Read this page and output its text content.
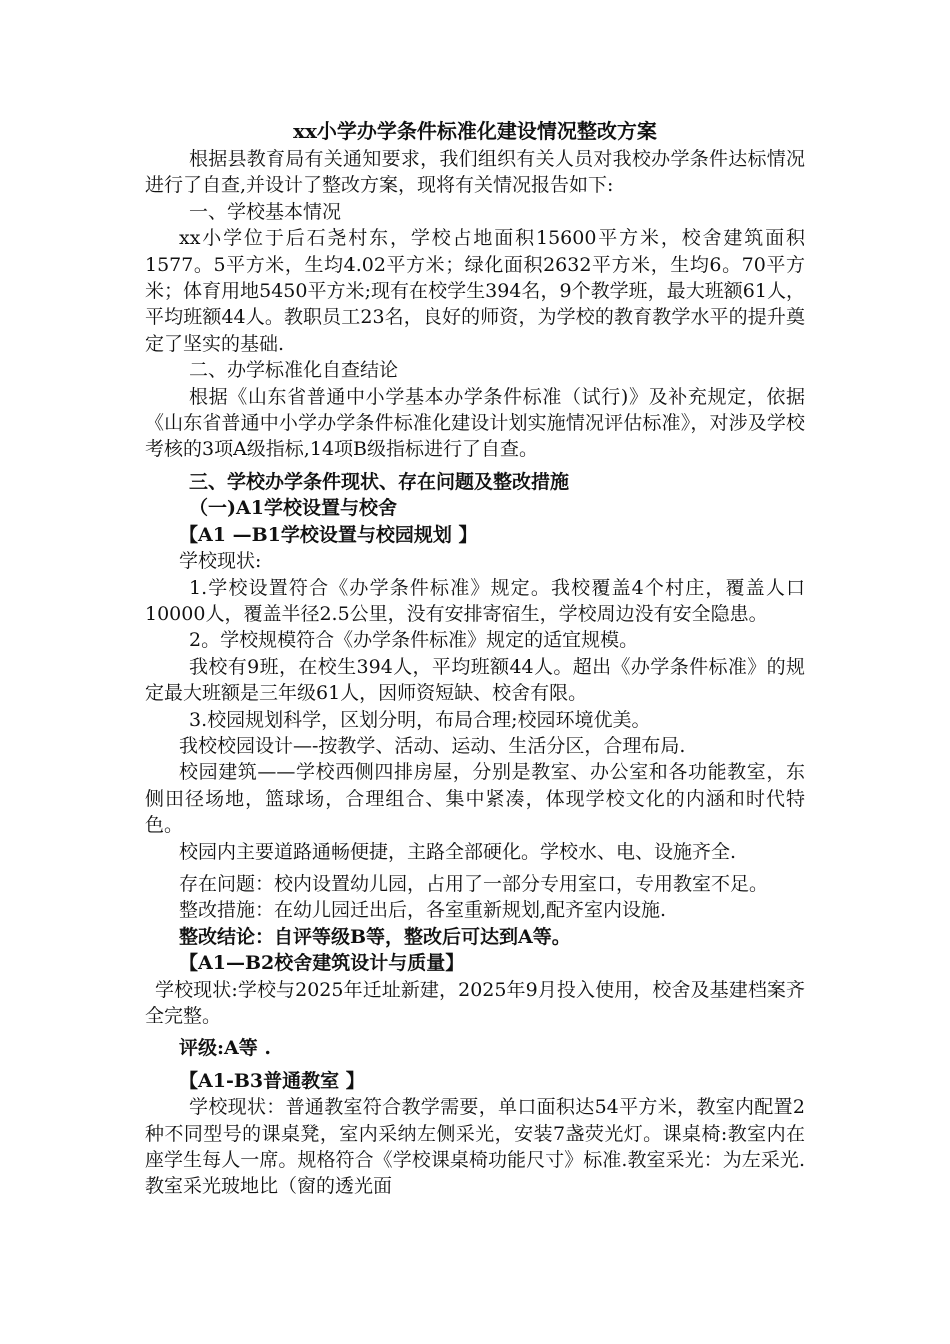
xx小学办学条件标准化建设情况整改方案

根据县教育局有关通知要求，我们组织有关人员对我校办学条件达标情况进行了自查,并设计了整改方案，现将有关情况报告如下:

一、学校基本情况

xx小学位于后石尧村东，学校占地面积15600平方米，校舍建筑面积1577。5平方米，生均4.02平方米；绿化面积2632平方米，生均6。70平方米；体育用地5450平方米;现有在校学生394名，9个教学班，最大班额61人，平均班额44人。教职员工23名，良好的师资，为学校的教育教学水平的提升奠定了坚实的基础.

二、办学标准化自查结论

根据《山东省普通中小学基本办学条件标准（试行)》及补充规定，依据《山东省普通中小学办学条件标准化建设计划实施情况评估标准》，对涉及学校考核的3项A级指标,14项B级指标进行了自查。

三、学校办学条件现状、存在问题及整改措施

（一)A1学校设置与校舍

【A1 —B1学校设置与校园规划 】

学校现状:

1.学校设置符合《办学条件标准》规定。我校覆盖4个村庄，覆盖人口10000人，覆盖半径2.5公里，没有安排寄宿生，学校周边没有安全隐患。

2。学校规模符合《办学条件标准》规定的适宜规模。

我校有9班，在校生394人，平均班额44人。超出《办学条件标准》的规定最大班额是三年级61人，因师资短缺、校舍有限。

3.校园规划科学，区划分明，布局合理;校园环境优美。

我校校园设计—-按教学、活动、运动、生活分区，合理布局.

校园建筑——学校西侧四排房屋，分别是教室、办公室和各功能教室，东侧田径场地，篮球场，合理组合、集中紧凑，体现学校文化的内涵和时代特色。

校园内主要道路通畅便捷，主路全部硬化。学校水、电、设施齐全.

存在问题：校内设置幼儿园，占用了一部分专用室口，专用教室不足。

整改措施：在幼儿园迁出后，各室重新规划,配齐室内设施.

整改结论：自评等级B等，整改后可达到A等。

【A1—B2校舍建筑设计与质量】

学校现状:学校与2025年迁址新建，2025年9月投入使用，校舍及基建档案齐全完整。

评级:A等 .

【A1-B3普通教室 】

学校现状：普通教室符合教学需要，单口面积达54平方米，教室内配置2种不同型号的课桌凳，室内采纳左侧采光，安装7盏荧光灯。课桌椅:教室内在座学生每人一席。规格符合《学校课桌椅功能尺寸》标准.教室采光：为左采光.教室采光玻地比（窗的透光面
